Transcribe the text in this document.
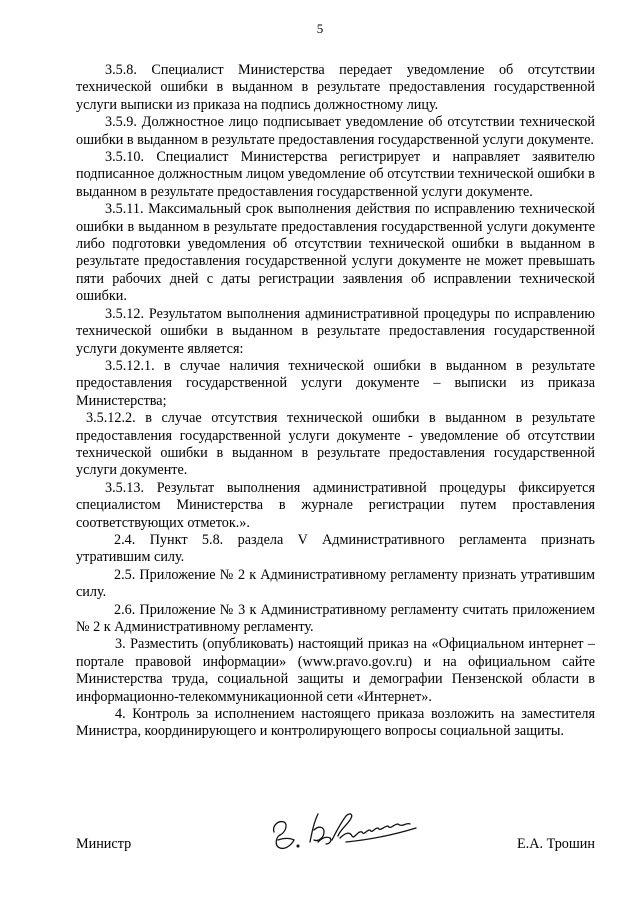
5

3.5.8. Специалист Министерства передает уведомление об отсутствии технической ошибки в выданном в результате предоставления государственной услуги выписки из приказа на подпись должностному лицу.

3.5.9. Должностное лицо подписывает уведомление об отсутствии технической ошибки в выданном в результате предоставления государственной услуги документе.

3.5.10. Специалист Министерства регистрирует и направляет заявителю подписанное должностным лицом уведомление об отсутствии технической ошибки в выданном в результате предоставления государственной услуги документе.

3.5.11. Максимальный срок выполнения действия по исправлению технической ошибки в выданном в результате предоставления государственной услуги документе либо подготовки уведомления об отсутствии технической ошибки в выданном в результате предоставления государственной услуги документе не может превышать пяти рабочих дней с даты регистрации заявления об исправлении технической ошибки.

3.5.12. Результатом выполнения административной процедуры по исправлению технической ошибки в выданном в результате предоставления государственной услуги документе является:

3.5.12.1. в случае наличия технической ошибки в выданном в результате предоставления государственной услуги документе – выписки из приказа Министерства;

3.5.12.2. в случае отсутствия технической ошибки в выданном в результате предоставления государственной услуги документе - уведомление об отсутствии технической ошибки в выданном в результате предоставления государственной услуги документе.

3.5.13. Результат выполнения административной процедуры фиксируется специалистом Министерства в журнале регистрации путем проставления соответствующих отметок.».

2.4. Пункт 5.8. раздела V Административного регламента признать утратившим силу.

2.5. Приложение № 2 к Административному регламенту признать утратившим силу.

2.6. Приложение № 3 к Административному регламенту считать приложением № 2 к Административному регламенту.

3. Разместить (опубликовать) настоящий приказ на «Официальном интернет – портале правовой информации» (www.pravo.gov.ru) и на официальном сайте Министерства труда, социальной защиты и демографии Пензенской области в информационно-телекоммуникационной сети «Интернет».

4. Контроль за исполнением настоящего приказа возложить на заместителя Министра, координирующего и контролирующего вопросы социальной защиты.

Министр	Е.А. Трошин
